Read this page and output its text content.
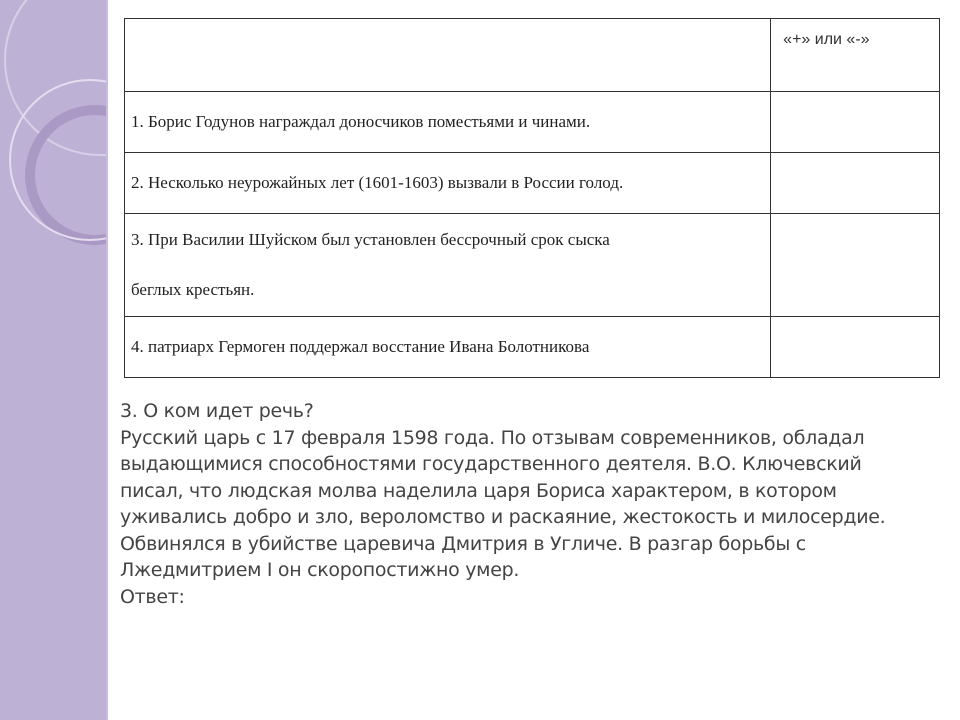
	«+» или «-»
1. Борис Годунов награждал доносчиков поместьями и чинами.	
2. Несколько неурожайных лет (1601-1603) вызвали в России голод.	

3. При Василии Шуйском был установлен бессрочный срок сыска
беглых крестьян.	

4. патриарх Гермоген поддержал восстание Ивана Болотникова	

3. О ком идет речь?

Русский царь с 17 февраля 1598 года. По отзывам современников, обладал

выдающимися способностями государственного деятеля. В.О. Ключевский

писал, что людская молва наделила царя Бориса характером, в котором

уживались добро и зло, вероломство и раскаяние, жестокость и милосердие.

Обвинялся в убийстве царевича Дмитрия в Угличе. В разгар борьбы с

Лжедмитрием I он скоропостижно умер.

Ответ:
